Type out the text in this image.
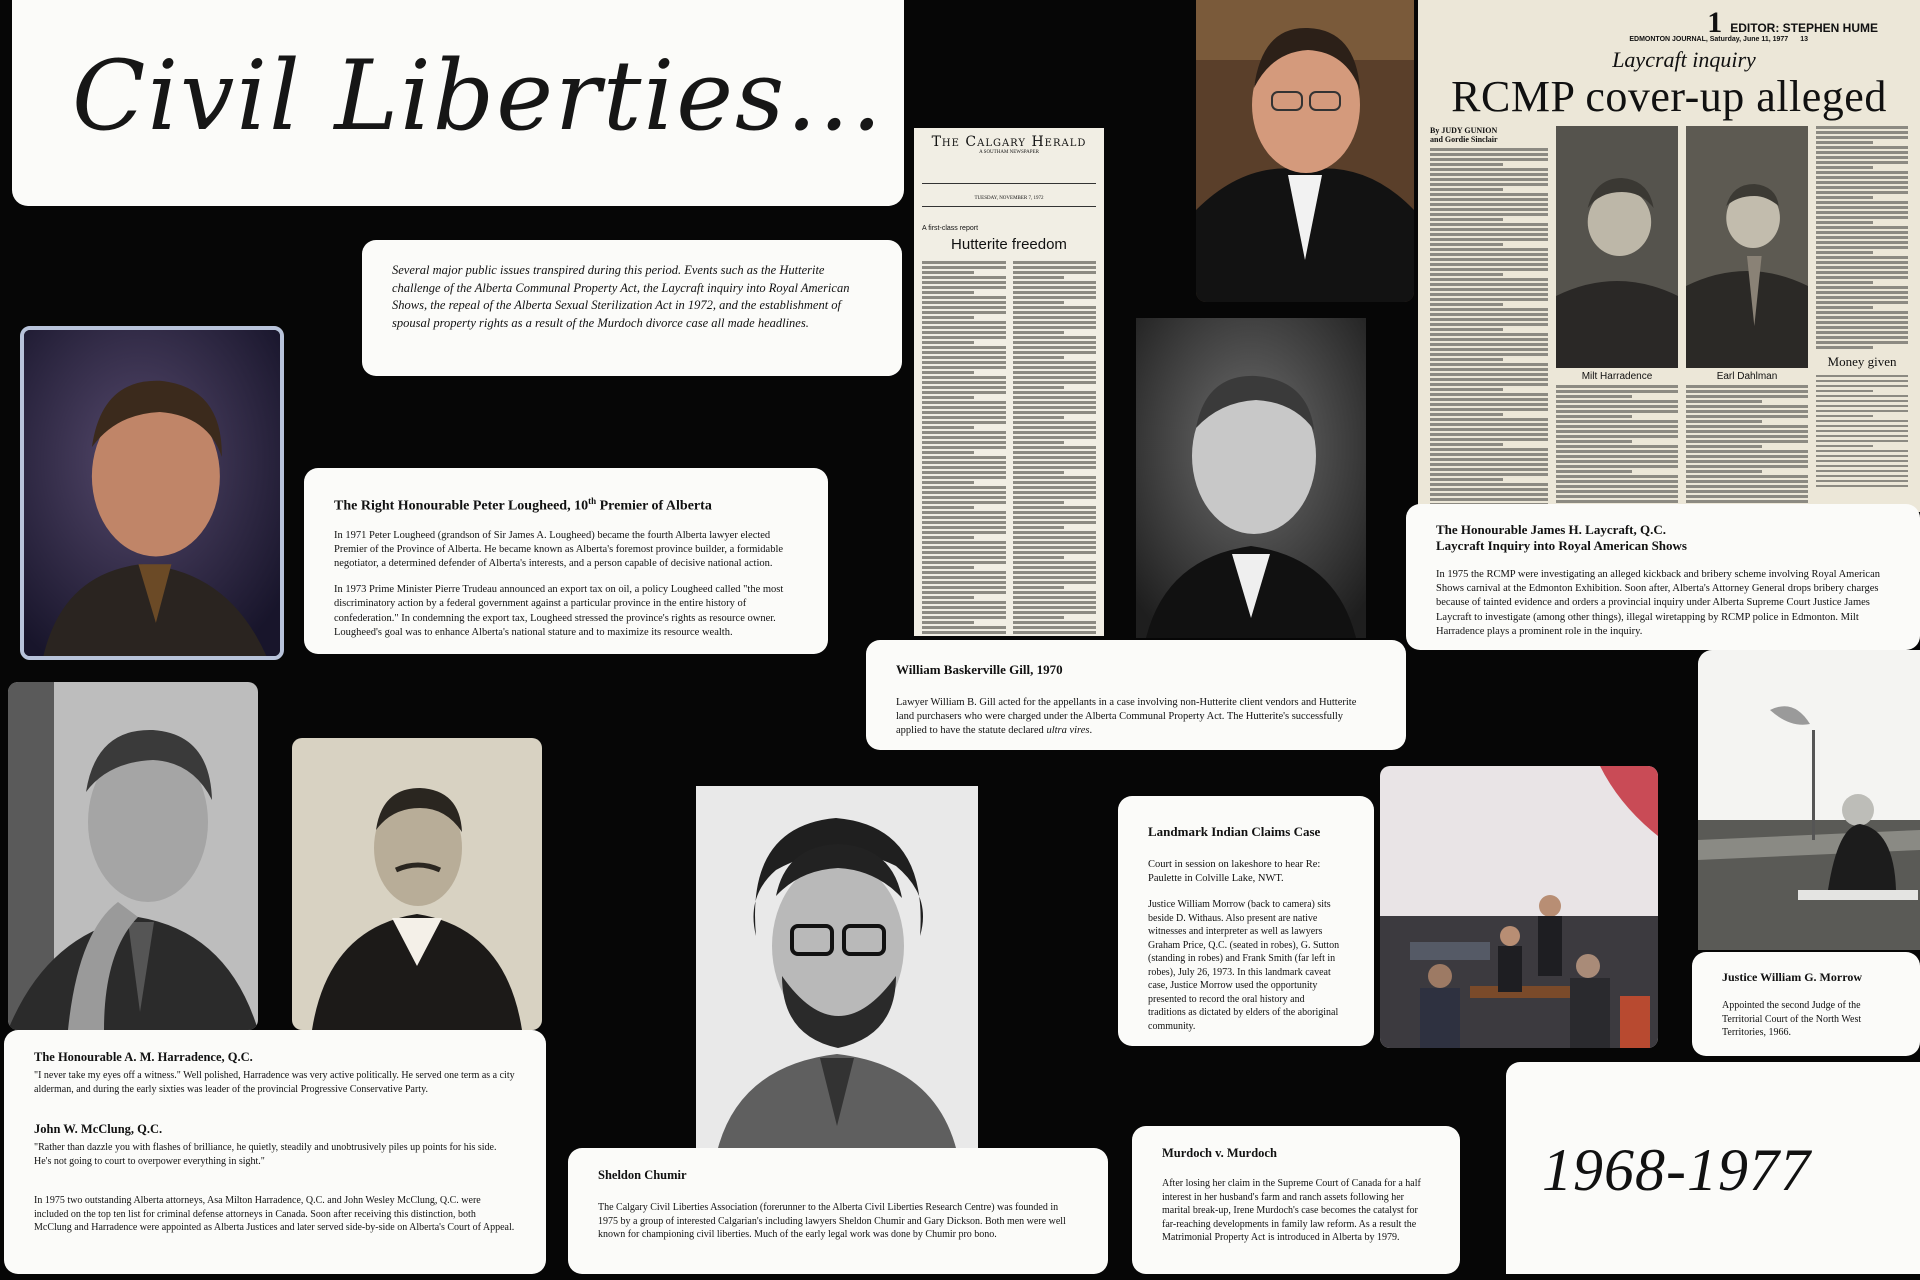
Civil Liberties...

Several major public issues transpired during this period. Events such as the Hutterite challenge of the Alberta Communal Property Act, the Laycraft inquiry into Royal American Shows, the repeal of the Alberta Sexual Sterilization Act in 1972, and the establishment of spousal property rights as a result of the Murdoch divorce case all made headlines.

The Right Honourable Peter Lougheed, 10th Premier of Alberta

In 1971 Peter Lougheed (grandson of Sir James A. Lougheed) became the fourth Alberta lawyer elected Premier of the Province of Alberta. He became known as Alberta's foremost province builder, a formidable negotiator, a determined defender of Alberta's interests, and a person capable of decisive national action.

In 1973 Prime Minister Pierre Trudeau announced an export tax on oil, a policy Lougheed called "the most discriminatory action by a federal government against a particular province in the entire history of confederation." In condemning the export tax, Lougheed stressed the province's rights as resource owner. Lougheed's goal was to enhance Alberta's national stature and to maximize its resource wealth.

The Calgary Herald
A SOUTHAM NEWSPAPER
TUESDAY, NOVEMBER 7, 1972
A first-class report
Hutterite freedom
1 EDITOR: STEPHEN HUME
EDMONTON JOURNAL, Saturday, June 11, 1977 13
Laycraft inquiry
RCMP cover-up alleged
By JUDY GUNION
and Gordie Sinclair
Milt Harradence	Earl Dahlman
Money given
The Honourable James H. Laycraft, Q.C.
Laycraft Inquiry into Royal American Shows

In 1975 the RCMP were investigating an alleged kickback and bribery scheme involving Royal American Shows carnival at the Edmonton Exhibition. Soon after, Alberta's Attorney General drops bribery charges because of tainted evidence and orders a provincial inquiry under Alberta Supreme Court Justice James Laycraft to investigate (among other things), illegal wiretapping by RCMP police in Edmonton. Milt Harradence plays a prominent role in the inquiry.

William Baskerville Gill, 1970

Lawyer William B. Gill acted for the appellants in a case involving non-Hutterite client vendors and Hutterite land purchasers who were charged under the Alberta Communal Property Act. The Hutterite's successfully applied to have the statute declared ultra vires.

Landmark Indian Claims Case

Court in session on lakeshore to hear Re: Paulette in Colville Lake, NWT.

Justice William Morrow (back to camera) sits beside D. Withaus. Also present are native witnesses and interpreter as well as lawyers Graham Price, Q.C. (seated in robes), G. Sutton (standing in robes) and Frank Smith (far left in robes), July 26, 1973. In this landmark caveat case, Justice Morrow used the opportunity presented to record the oral history and traditions as dictated by elders of the aboriginal community.

Justice William G. Morrow

Appointed the second Judge of the Territorial Court of the North West Territories, 1966.

The Honourable A. M. Harradence, Q.C.

"I never take my eyes off a witness." Well polished, Harradence was very active politically. He served one term as a city alderman, and during the early sixties was leader of the provincial Progressive Conservative Party.

John W. McClung, Q.C.

"Rather than dazzle you with flashes of brilliance, he quietly, steadily and unobtrusively piles up points for his side. He's not going to court to overpower everything in sight."

In 1975 two outstanding Alberta attorneys, Asa Milton Harradence, Q.C. and John Wesley McClung, Q.C. were included on the top ten list for criminal defense attorneys in Canada. Soon after receiving this distinction, both McClung and Harradence were appointed as Alberta Justices and later served side-by-side on Alberta's Court of Appeal.

Sheldon Chumir

The Calgary Civil Liberties Association (forerunner to the Alberta Civil Liberties Research Centre) was founded in 1975 by a group of interested Calgarian's including lawyers Sheldon Chumir and Gary Dickson. Both men were well known for championing civil liberties. Much of the early legal work was done by Chumir pro bono.

Murdoch v. Murdoch

After losing her claim in the Supreme Court of Canada for a half interest in her husband's farm and ranch assets following her marital break-up, Irene Murdoch's case becomes the catalyst for far-reaching developments in family law reform. As a result the Matrimonial Property Act is introduced in Alberta by 1979.

1968-1977
